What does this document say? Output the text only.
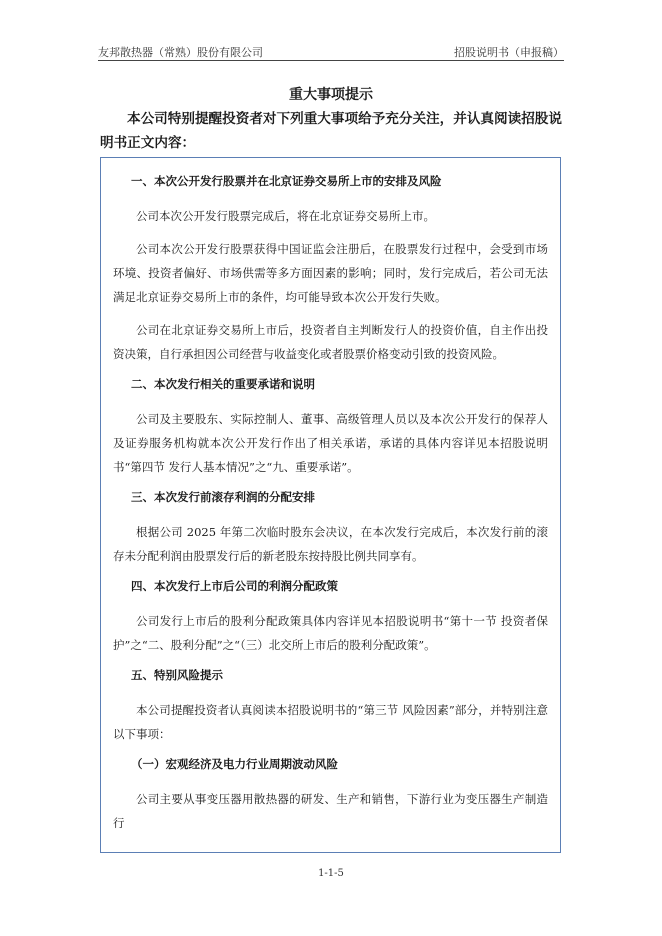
友邦散热器（常熟）股份有限公司	招股说明书（申报稿）
重大事项提示
本公司特别提醒投资者对下列重大事项给予充分关注，并认真阅读招股说明书正文内容：
一、本次公开发行股票并在北京证券交易所上市的安排及风险
公司本次公开发行股票完成后，将在北京证券交易所上市。
公司本次公开发行股票获得中国证监会注册后，在股票发行过程中，会受到市场环境、投资者偏好、市场供需等多方面因素的影响；同时，发行完成后，若公司无法满足北京证券交易所上市的条件，均可能导致本次公开发行失败。
公司在北京证券交易所上市后，投资者自主判断发行人的投资价值，自主作出投资决策，自行承担因公司经营与收益变化或者股票价格变动引致的投资风险。
二、本次发行相关的重要承诺和说明
公司及主要股东、实际控制人、董事、高级管理人员以及本次公开发行的保荐人及证券服务机构就本次公开发行作出了相关承诺，承诺的具体内容详见本招股说明书“第四节 发行人基本情况”之“九、重要承诺”。
三、本次发行前滚存利润的分配安排
根据公司 2025 年第二次临时股东会决议，在本次发行完成后，本次发行前的滚存未分配利润由股票发行后的新老股东按持股比例共同享有。
四、本次发行上市后公司的利润分配政策
公司发行上市后的股利分配政策具体内容详见本招股说明书“第十一节 投资者保护”之“二、股利分配”之“（三）北交所上市后的股利分配政策”。
五、特别风险提示
本公司提醒投资者认真阅读本招股说明书的“第三节 风险因素”部分，并特别注意以下事项：
（一）宏观经济及电力行业周期波动风险
公司主要从事变压器用散热器的研发、生产和销售，下游行业为变压器生产制造行
1-1-5
